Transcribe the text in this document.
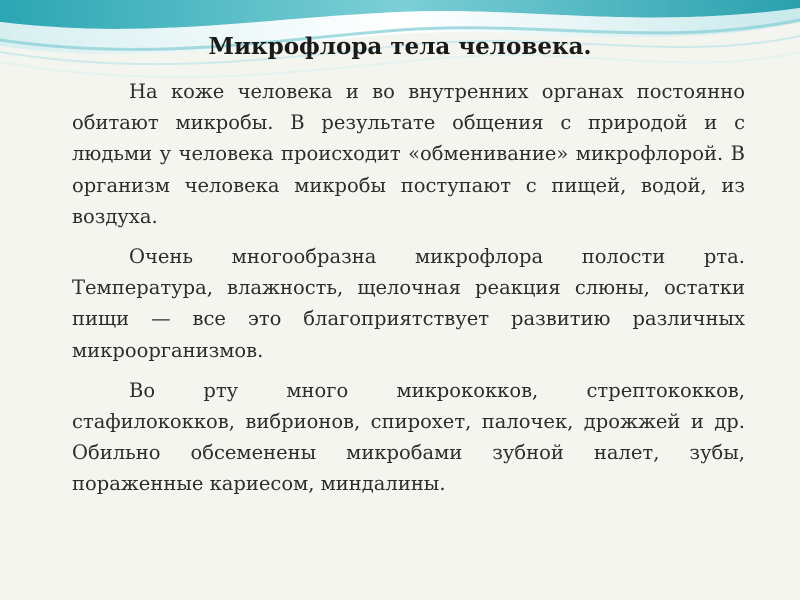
Микрофлора тела человека.

На коже человека и во внутренних органах постоянно обитают микробы. В результате общения с природой и с людьми у человека происходит «обменивание» микрофлорой. В организм человека микробы поступают с пищей, водой, из воздуха.

Очень многообразна микрофлора полости рта. Температура, влажность, щелочная реакция слюны, остатки пищи — все это благоприятствует развитию различных микроорганизмов.

Во рту много микрококков, стрептококков, стафилококков, вибрионов, спирохет, палочек, дрожжей и др. Обильно обсеменены микробами зубной налет, зубы, пораженные кариесом, миндалины.
